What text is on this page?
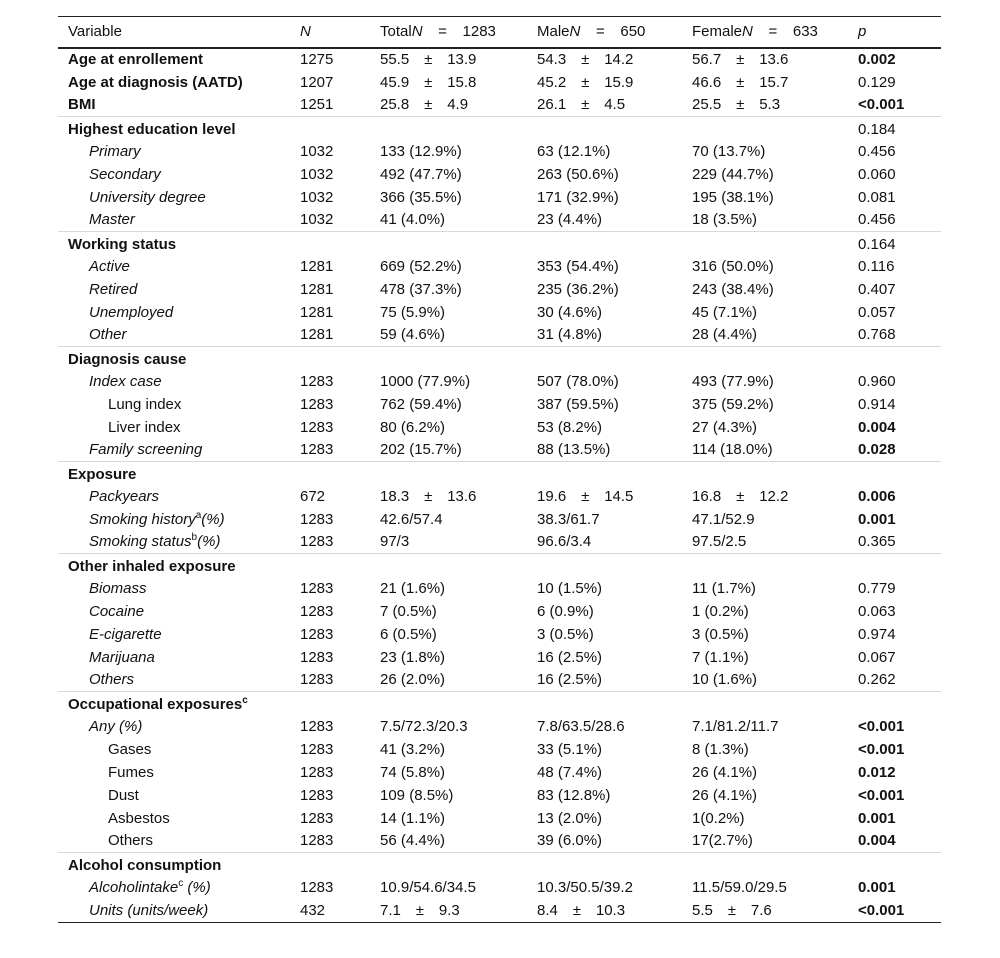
Variable	N	TotalN = 1283	MaleN = 650	FemaleN = 633	p
Age at enrollement	1275	55.5 ± 13.9	54.3 ± 14.2	56.7 ± 13.6	0.002
Age at diagnosis (AATD)	1207	45.9 ± 15.8	45.2 ± 15.9	46.6 ± 15.7	0.129
BMI	1251	25.8 ± 4.9	26.1 ± 4.5	25.5 ± 5.3	<0.001
Highest education level					0.184
Primary	1032	133 (12.9%)	63 (12.1%)	70 (13.7%)	0.456
Secondary	1032	492 (47.7%)	263 (50.6%)	229 (44.7%)	0.060
University degree	1032	366 (35.5%)	171 (32.9%)	195 (38.1%)	0.081
Master	1032	41 (4.0%)	23 (4.4%)	18 (3.5%)	0.456
Working status					0.164
Active	1281	669 (52.2%)	353 (54.4%)	316 (50.0%)	0.116
Retired	1281	478 (37.3%)	235 (36.2%)	243 (38.4%)	0.407
Unemployed	1281	75 (5.9%)	30 (4.6%)	45 (7.1%)	0.057
Other	1281	59 (4.6%)	31 (4.8%)	28 (4.4%)	0.768
Diagnosis cause					
Index case	1283	1000 (77.9%)	507 (78.0%)	493 (77.9%)	0.960
Lung index	1283	762 (59.4%)	387 (59.5%)	375 (59.2%)	0.914
Liver index	1283	80 (6.2%)	53 (8.2%)	27 (4.3%)	0.004
Family screening	1283	202 (15.7%)	88 (13.5%)	114 (18.0%)	0.028
Exposure					
Packyears	672	18.3 ± 13.6	19.6 ± 14.5	16.8 ± 12.2	0.006
Smoking history$^a$(%)	1283	42.6/57.4	38.3/61.7	47.1/52.9	0.001
Smoking status$^b$(%)	1283	97/3	96.6/3.4	97.5/2.5	0.365
Other inhaled exposure					
Biomass	1283	21 (1.6%)	10 (1.5%)	11 (1.7%)	0.779
Cocaine	1283	7 (0.5%)	6 (0.9%)	1 (0.2%)	0.063
E-cigarette	1283	6 (0.5%)	3 (0.5%)	3 (0.5%)	0.974
Marijuana	1283	23 (1.8%)	16 (2.5%)	7 (1.1%)	0.067
Others	1283	26 (2.0%)	16 (2.5%)	10 (1.6%)	0.262
Occupational exposures$^c$					
Any (%)	1283	7.5/72.3/20.3	7.8/63.5/28.6	7.1/81.2/11.7	<0.001
Gases	1283	41 (3.2%)	33 (5.1%)	8 (1.3%)	<0.001
Fumes	1283	74 (5.8%)	48 (7.4%)	26 (4.1%)	0.012
Dust	1283	109 (8.5%)	83 (12.8%)	26 (4.1%)	<0.001
Asbestos	1283	14 (1.1%)	13 (2.0%)	1(0.2%)	0.001
Others	1283	56 (4.4%)	39 (6.0%)	17(2.7%)	0.004
Alcohol consumption					
Alcoholintake$^c$ (%)	1283	10.9/54.6/34.5	10.3/50.5/39.2	11.5/59.0/29.5	0.001
Units (units/week)	432	7.1 ± 9.3	8.4 ± 10.3	5.5 ± 7.6	<0.001
